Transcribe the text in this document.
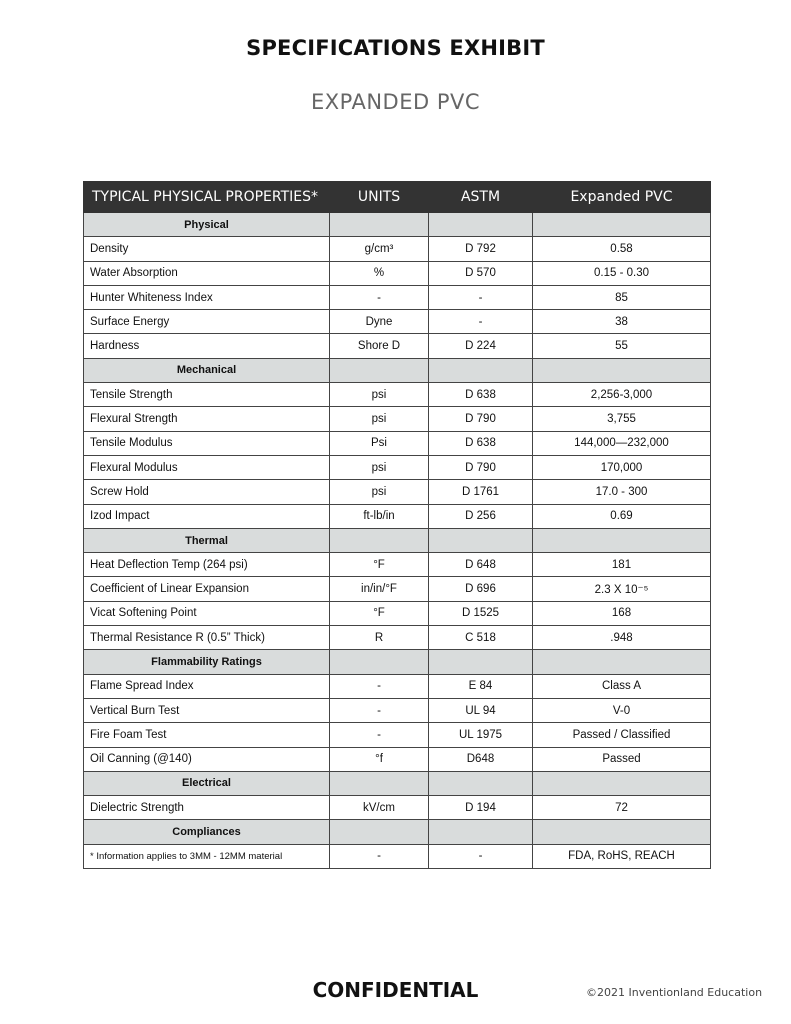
SPECIFICATIONS EXHIBIT
EXPANDED PVC
TYPICAL PHYSICAL PROPERTIES*	UNITS	ASTM	Expanded PVC
Physical			
Density	g/cm³	D 792	0.58
Water Absorption	%	D 570	0.15 - 0.30
Hunter Whiteness Index	-	-	85
Surface Energy	Dyne	-	38
Hardness	Shore D	D 224	55
Mechanical			
Tensile Strength	psi	D 638	2,256-3,000
Flexural Strength	psi	D 790	3,755
Tensile Modulus	Psi	D 638	144,000—232,000
Flexural Modulus	psi	D 790	170,000
Screw Hold	psi	D 1761	17.0 - 300
Izod Impact	ft-lb/in	D 256	0.69
Thermal			
Heat Deflection Temp (264 psi)	°F	D 648	181
Coefficient of Linear Expansion	in/in/°F	D 696	2.3 X 10⁻⁵
Vicat Softening Point	°F	D 1525	168
Thermal Resistance R (0.5” Thick)	R	C 518	.948
Flammability Ratings			
Flame Spread Index	-	E 84	Class A
Vertical Burn Test	-	UL 94	V-0
Fire Foam Test	-	UL 1975	Passed / Classified
Oil Canning (@140)	°f	D648	Passed
Electrical			
Dielectric Strength	kV/cm	D 194	72
Compliances			
* Information applies to 3MM - 12MM material	-	-	FDA, RoHS, REACH
CONFIDENTIAL	©2021 Inventionland Education
